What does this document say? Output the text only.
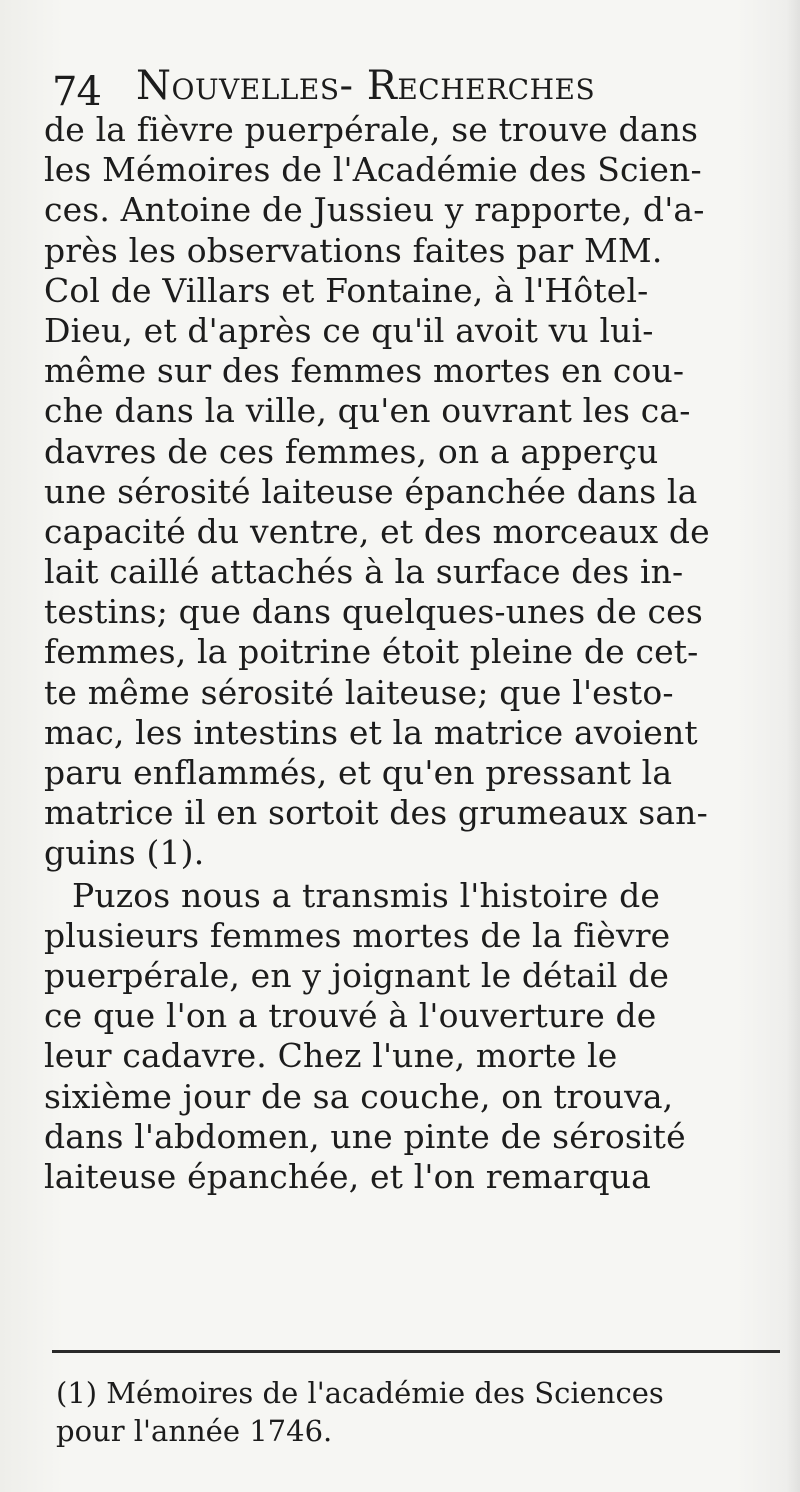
74 Nouvelles- Recherches
de la fièvre puerpérale, se trouve dans
les Mémoires de l'Académie des Scien-
ces. Antoine de Jussieu y rapporte, d'a-
près les observations faites par MM.
Col de Villars et Fontaine, à l'Hôtel-
Dieu, et d'après ce qu'il avoit vu lui-
même sur des femmes mortes en cou-
che dans la ville, qu'en ouvrant les ca-
davres de ces femmes, on a apperçu
une sérosité laiteuse épanchée dans la
capacité du ventre, et des morceaux de
lait caillé attachés à la surface des in-
testins; que dans quelques-unes de ces
femmes, la poitrine étoit pleine de cet-
te même sérosité laiteuse; que l'esto-
mac, les intestins et la matrice avoient
paru enflammés, et qu'en pressant la
matrice il en sortoit des grumeaux san-
guins (1).
Puzos nous a transmis l'histoire de
plusieurs femmes mortes de la fièvre
puerpérale, en y joignant le détail de
ce que l'on a trouvé à l'ouverture de
leur cadavre. Chez l'une, morte le
sixième jour de sa couche, on trouva,
dans l'abdomen, une pinte de sérosité
laiteuse épanchée, et l'on remarqua
(1) Mémoires de l'académie des Sciences
pour l'année 1746.
